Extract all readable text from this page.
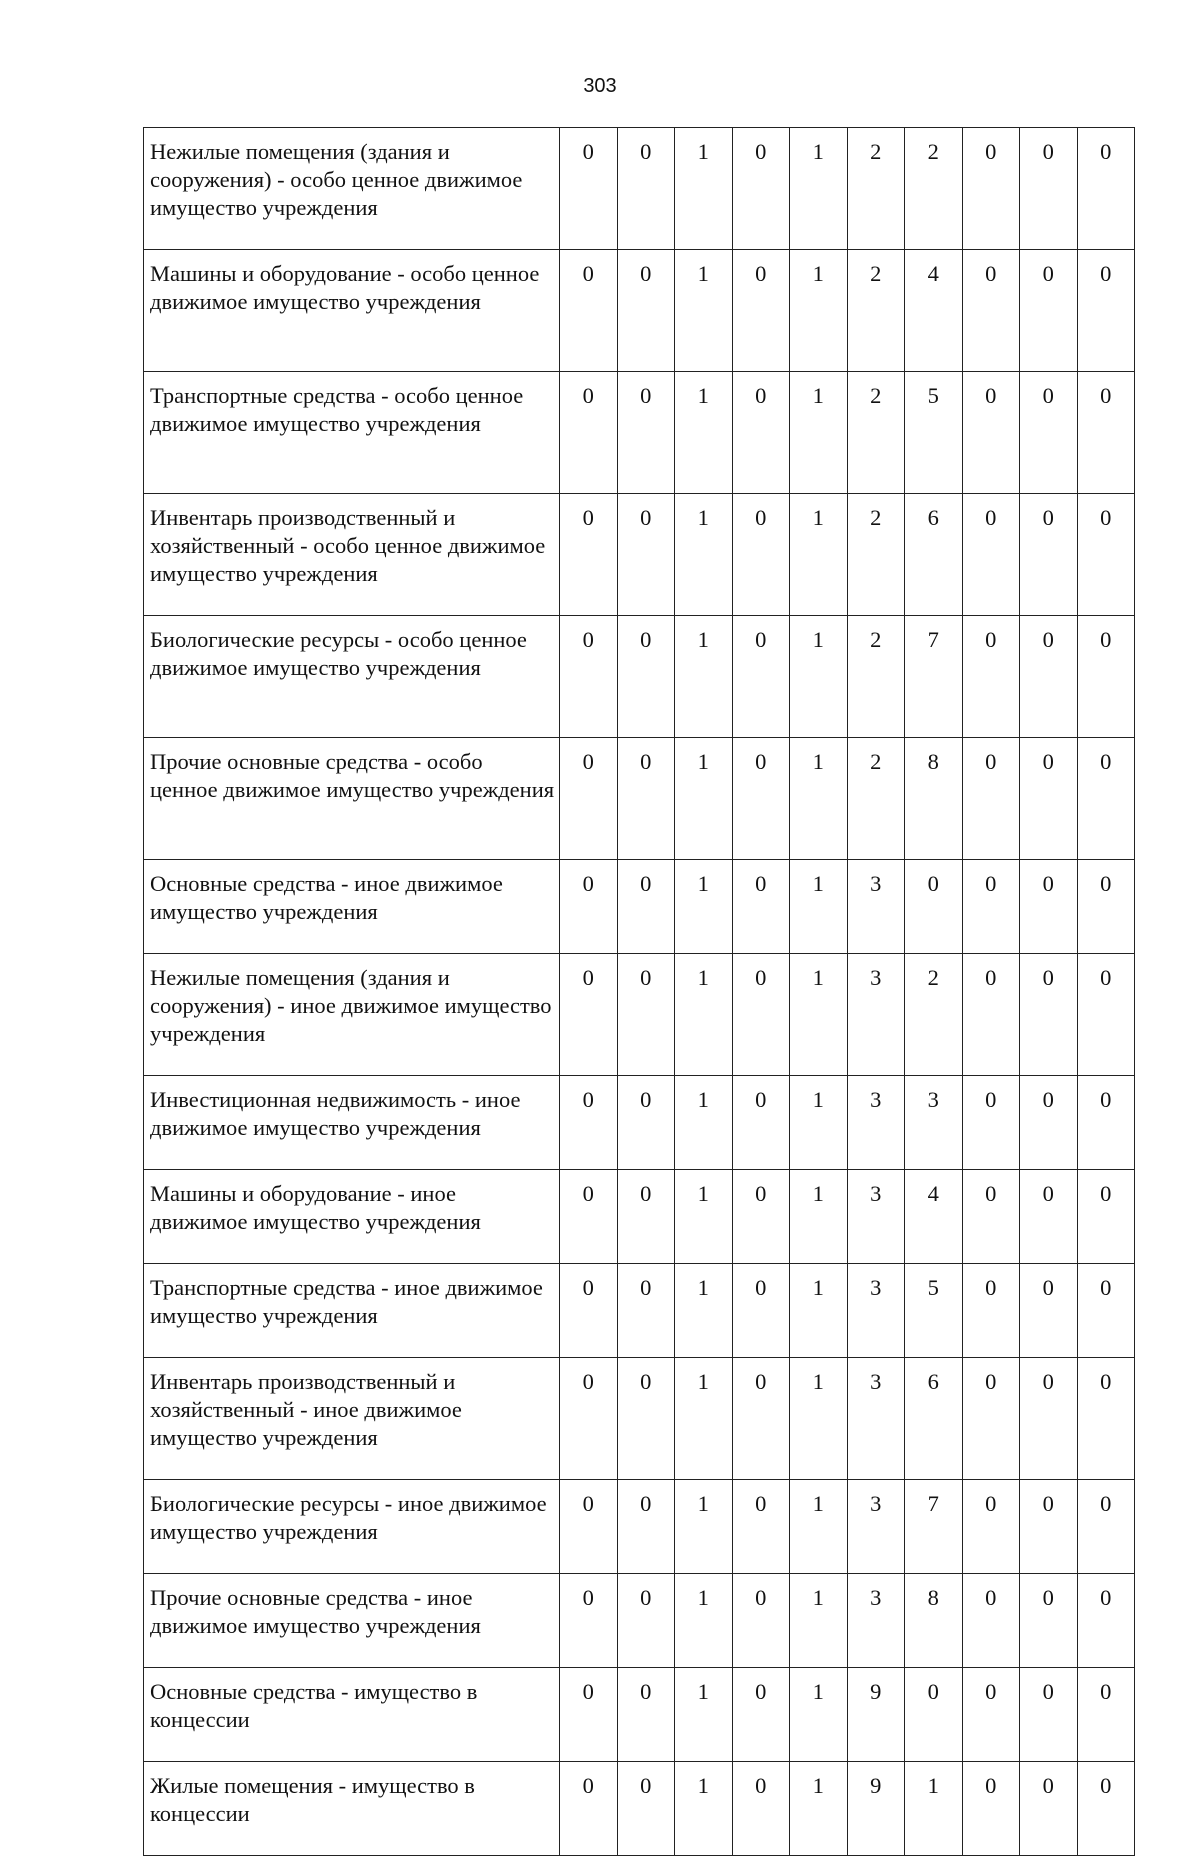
303
Нежилые помещения (здания и сооружения) - особо ценное движимое имущество учреждения	0	0	1	0	1	2	2	0	0	0
Машины и оборудование - особо ценное движимое имущество учреждения	0	0	1	0	1	2	4	0	0	0
Транспортные средства - особо ценное движимое имущество учреждения	0	0	1	0	1	2	5	0	0	0
Инвентарь производственный и хозяйственный - особо ценное движимое имущество учреждения	0	0	1	0	1	2	6	0	0	0
Биологические ресурсы - особо ценное движимое имущество учреждения	0	0	1	0	1	2	7	0	0	0
Прочие основные средства - особо ценное движимое имущество учреждения	0	0	1	0	1	2	8	0	0	0
Основные средства - иное движимое имущество учреждения	0	0	1	0	1	3	0	0	0	0
Нежилые помещения (здания и сооружения) - иное движимое имущество учреждения	0	0	1	0	1	3	2	0	0	0
Инвестиционная недвижимость - иное движимое имущество учреждения	0	0	1	0	1	3	3	0	0	0
Машины и оборудование - иное движимое имущество учреждения	0	0	1	0	1	3	4	0	0	0
Транспортные средства - иное движимое имущество учреждения	0	0	1	0	1	3	5	0	0	0
Инвентарь производственный и хозяйственный - иное движимое имущество учреждения	0	0	1	0	1	3	6	0	0	0
Биологические ресурсы - иное движимое имущество учреждения	0	0	1	0	1	3	7	0	0	0
Прочие основные средства - иное движимое имущество учреждения	0	0	1	0	1	3	8	0	0	0
Основные средства - имущество в концессии	0	0	1	0	1	9	0	0	0	0
Жилые помещения - имущество в концессии	0	0	1	0	1	9	1	0	0	0
